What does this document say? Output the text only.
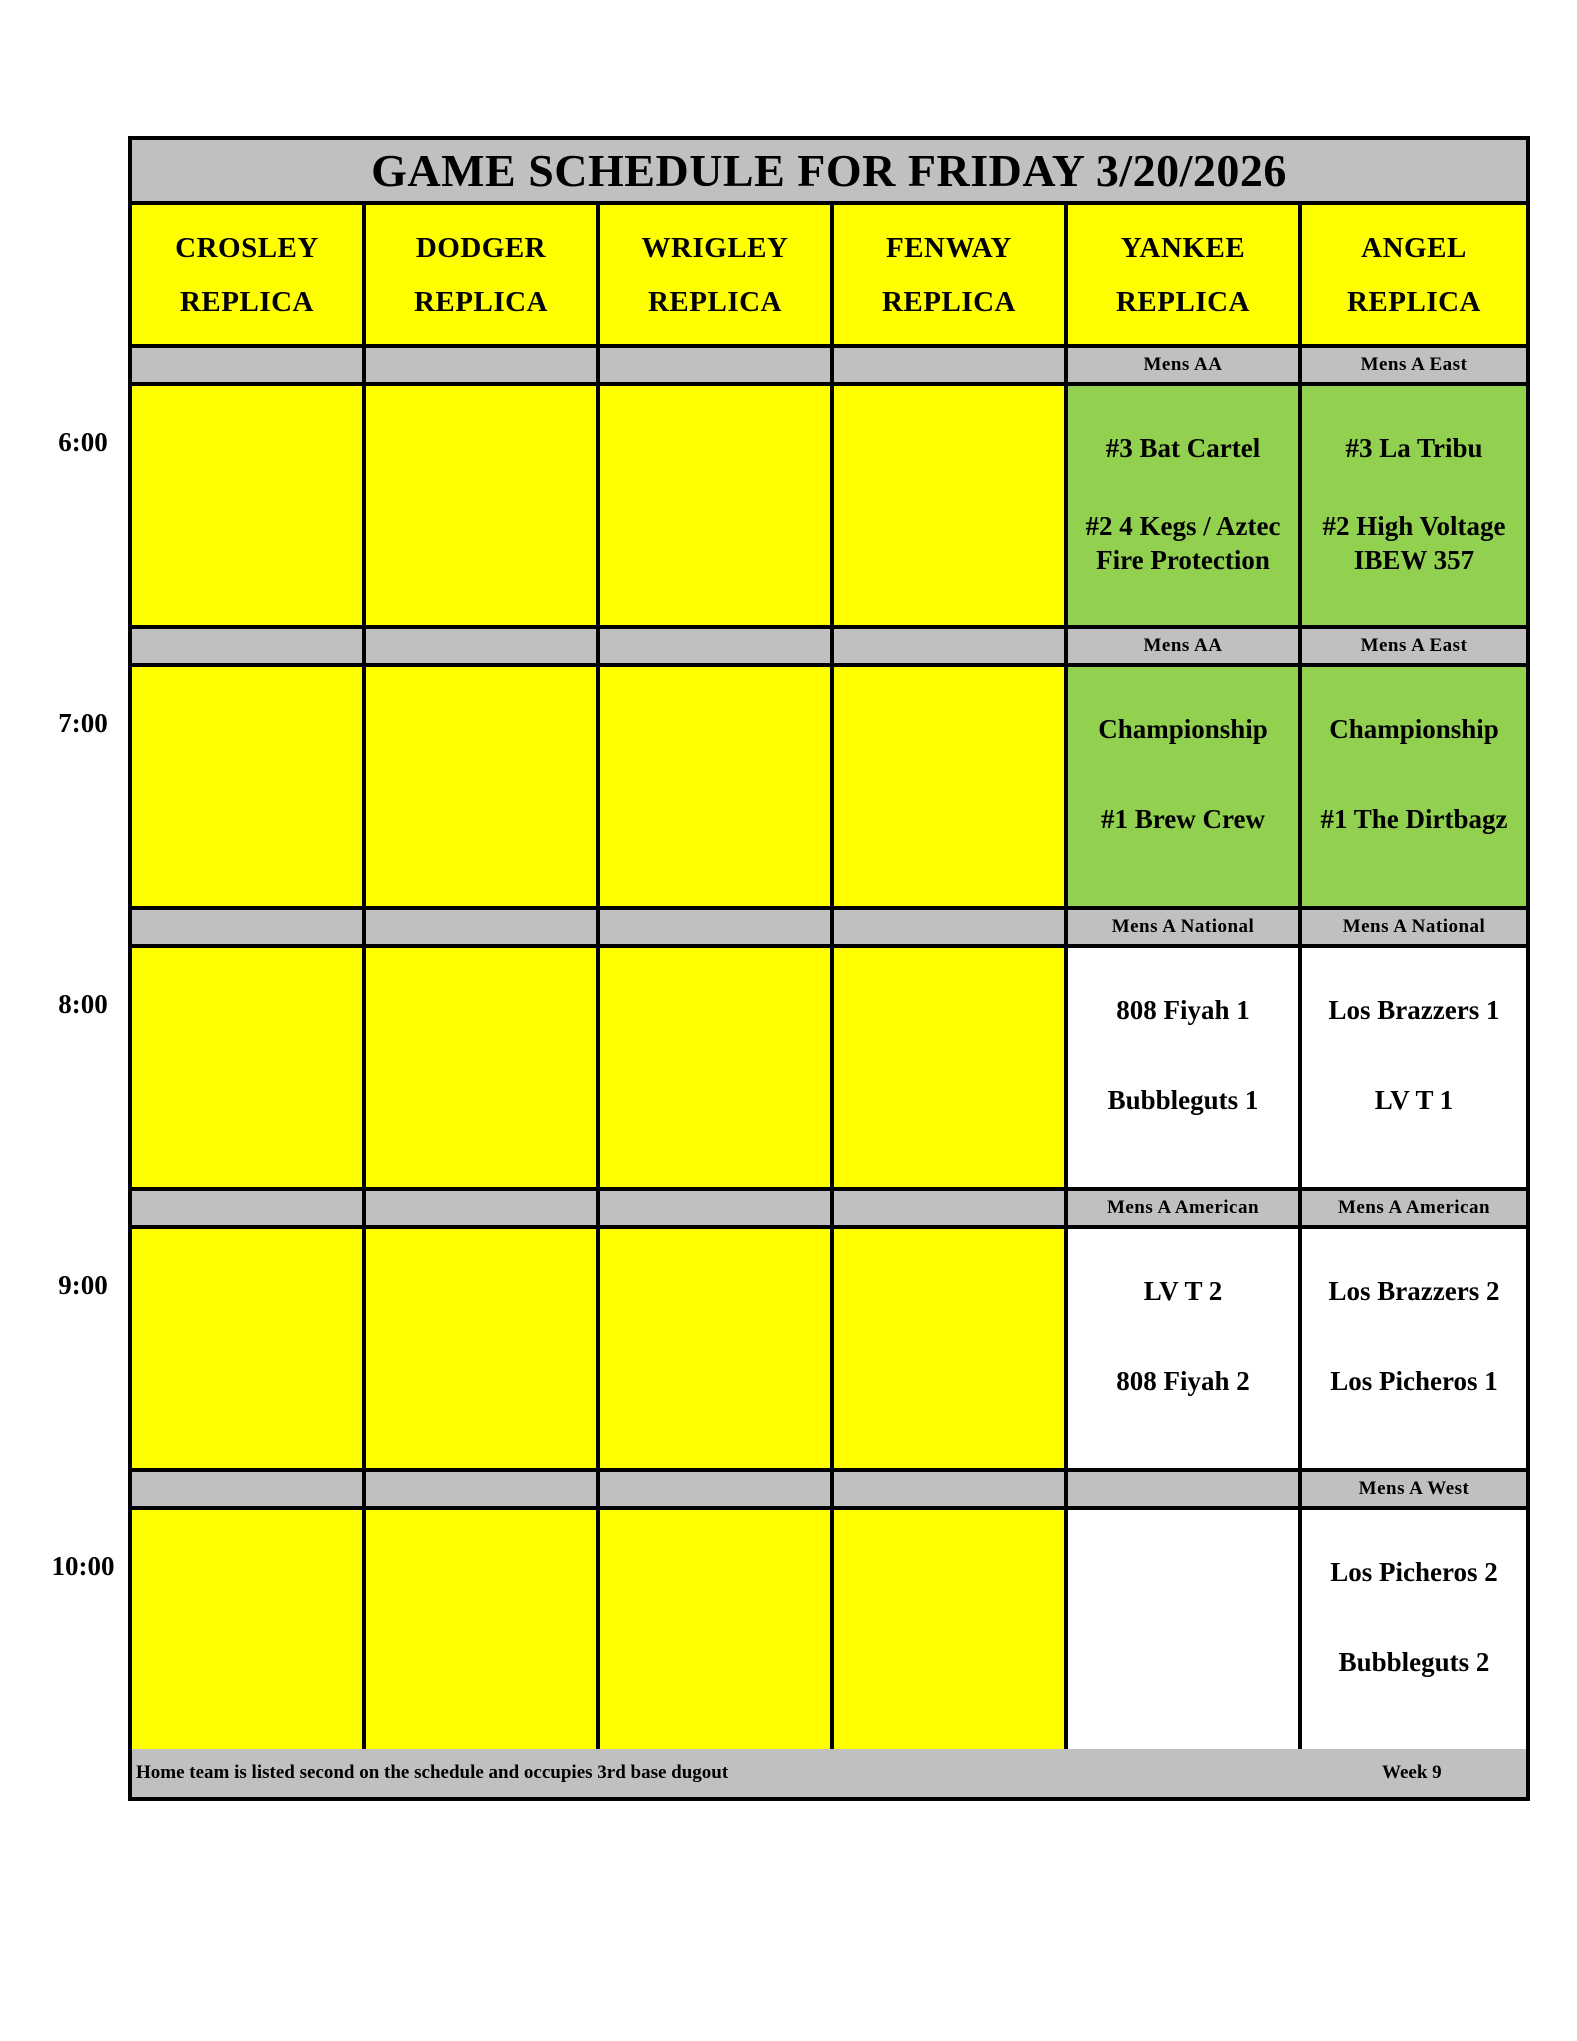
6:00
7:00
8:00
9:00
10:00
GAME SCHEDULE FOR FRIDAY 3/20/2026
CROSLEY
REPLICA
DODGER
REPLICA
WRIGLEY
REPLICA
FENWAY
REPLICA
YANKEE
REPLICA
ANGEL
REPLICA
Mens AA
#3 Bat Cartel
#2 4 Kegs / Aztec Fire Protection
Mens A East
#3 La Tribu
#2 High Voltage IBEW 357
Mens AA
Championship
#1 Brew Crew
Mens A East
Championship
#1 The Dirtbagz
Mens A National
808 Fiyah 1
Bubbleguts 1
Mens A National
Los Brazzers 1
LV T 1
Mens A American
LV T 2
808 Fiyah 2
Mens A American
Los Brazzers 2
Los Picheros 1
Mens A West
Los Picheros 2
Bubbleguts 2
Home team is listed second on the schedule and occupies 3rd base dugout	Week 9
